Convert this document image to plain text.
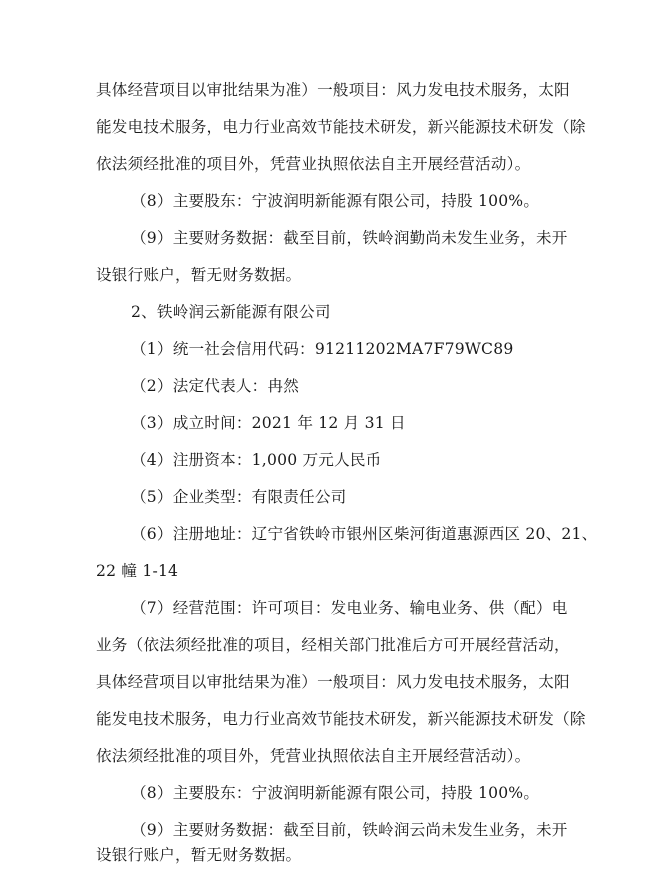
具体经营项目以审批结果为准）一般项目：风力发电技术服务，太阳
能发电技术服务，电力行业高效节能技术研发，新兴能源技术研发（除
依法须经批准的项目外，凭营业执照依法自主开展经营活动）。
（8）主要股东：宁波润明新能源有限公司，持股 100%。
（9）主要财务数据：截至目前，铁岭润勤尚未发生业务，未开
设银行账户，暂无财务数据。
2、铁岭润云新能源有限公司
（1）统一社会信用代码：91211202MA7F79WC89
（2）法定代表人：冉然
（3）成立时间：2021 年 12 月 31 日
（4）注册资本：1,000 万元人民币
（5）企业类型：有限责任公司
（6）注册地址：辽宁省铁岭市银州区柴河街道惠源西区 20、21、
22 幢 1-14
（7）经营范围：许可项目：发电业务、输电业务、供（配）电
业务（依法须经批准的项目，经相关部门批准后方可开展经营活动，
具体经营项目以审批结果为准）一般项目：风力发电技术服务，太阳
能发电技术服务，电力行业高效节能技术研发，新兴能源技术研发（除
依法须经批准的项目外，凭营业执照依法自主开展经营活动）。
（8）主要股东：宁波润明新能源有限公司，持股 100%。
（9）主要财务数据：截至目前，铁岭润云尚未发生业务，未开
设银行账户，暂无财务数据。
